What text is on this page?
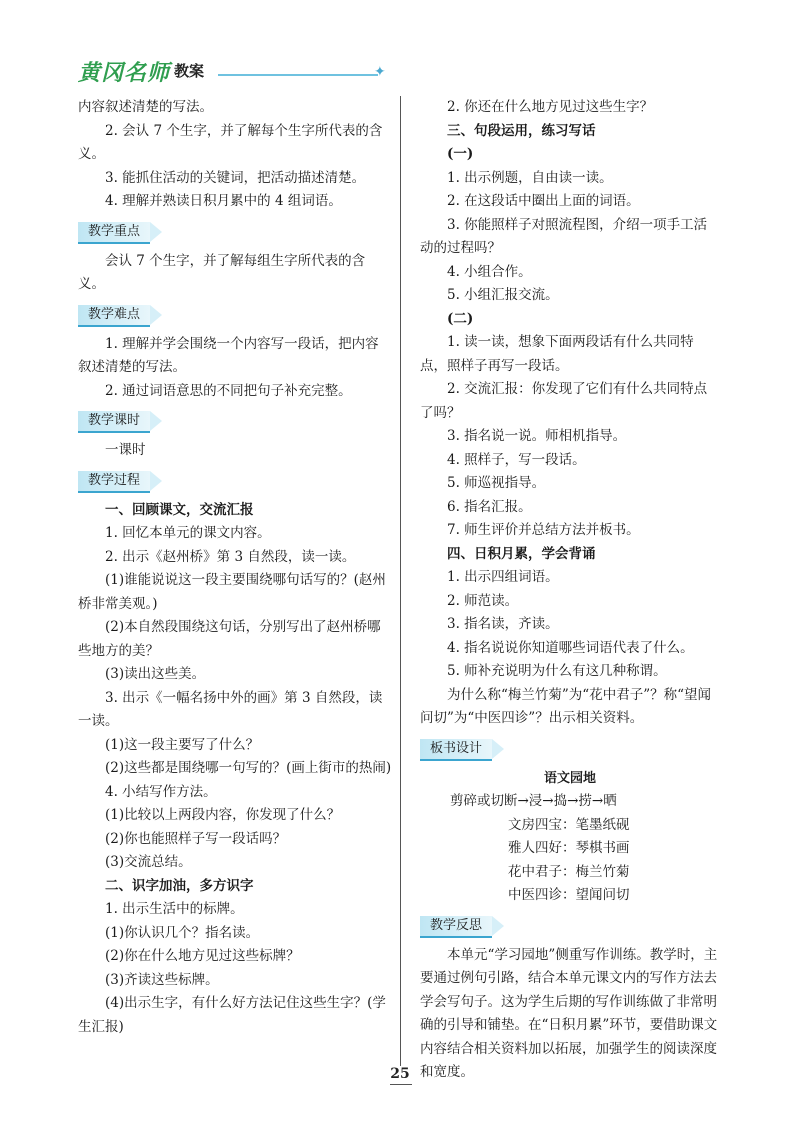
黄冈名师 教案	✦

内容叙述清楚的写法。

2. 会认 7 个生字，并了解每个生字所代表的含义。

3. 能抓住活动的关键词，把活动描述清楚。

4. 理解并熟读日积月累中的 4 组词语。

教学重点

会认 7 个生字，并了解每组生字所代表的含义。

教学难点

1. 理解并学会围绕一个内容写一段话，把内容叙述清楚的写法。

2. 通过词语意思的不同把句子补充完整。

教学课时

一课时

教学过程

一、回顾课文，交流汇报

1. 回忆本单元的课文内容。

2. 出示《赵州桥》第 3 自然段，读一读。

(1)谁能说说这一段主要围绕哪句话写的？(赵州桥非常美观。)

(2)本自然段围绕这句话，分别写出了赵州桥哪些地方的美？

(3)读出这些美。

3. 出示《一幅名扬中外的画》第 3 自然段，读一读。

(1)这一段主要写了什么？

(2)这些都是围绕哪一句写的？(画上街市的热闹)

4. 小结写作方法。

(1)比较以上两段内容，你发现了什么？

(2)你也能照样子写一段话吗？

(3)交流总结。

二、识字加油，多方识字

1. 出示生活中的标牌。

(1)你认识几个？指名读。

(2)你在什么地方见过这些标牌？

(3)齐读这些标牌。

(4)出示生字，有什么好方法记住这些生字？(学生汇报)

2. 你还在什么地方见过这些生字？

三、句段运用，练习写话

(一)

1. 出示例题，自由读一读。

2. 在这段话中圈出上面的词语。

3. 你能照样子对照流程图，介绍一项手工活动的过程吗？

4. 小组合作。

5. 小组汇报交流。

(二)

1. 读一读，想象下面两段话有什么共同特点，照样子再写一段话。

2. 交流汇报：你发现了它们有什么共同特点了吗？

3. 指名说一说。师相机指导。

4. 照样子，写一段话。

5. 师巡视指导。

6. 指名汇报。

7. 师生评价并总结方法并板书。

四、日积月累，学会背诵

1. 出示四组词语。

2. 师范读。

3. 指名读，齐读。

4. 指名说说你知道哪些词语代表了什么。

5. 师补充说明为什么有这几种称谓。

为什么称“梅兰竹菊”为“花中君子”？称“望闻问切”为“中医四诊”？出示相关资料。

板书设计
语文园地
剪碎或切断→浸→捣→捞→晒
文房四宝：笔墨纸砚
雅人四好：琴棋书画
花中君子：梅兰竹菊
中医四诊：望闻问切
教学反思

本单元“学习园地”侧重写作训练。教学时，主要通过例句引路，结合本单元课文内的写作方法去学会写句子。这为学生后期的写作训练做了非常明确的引导和铺垫。在“日积月累”环节，要借助课文内容结合相关资料加以拓展，加强学生的阅读深度和宽度。

25
